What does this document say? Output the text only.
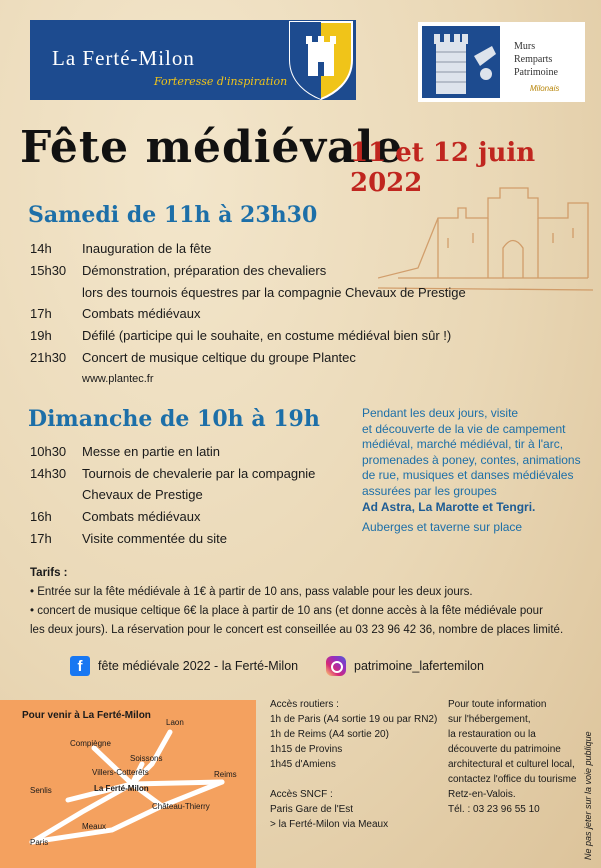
La Ferté-Milon
Forteresse d'inspiration
Murs
Remparts
Patrimoine
Milonais
Fête médiévale
11 et 12 juin 2022
Samedi de 11h à 23h30
14h Inauguration de la fête
15h30 Démonstration, préparation des chevaliers
lors des tournois équestres par la compagnie Chevaux de Prestige
17h Combats médiévaux
19h Défilé (participe qui le souhaite, en costume médiéval bien sûr !)
21h30 Concert de musique celtique du groupe Plantec
www.plantec.fr
Dimanche de 10h à 19h
10h30 Messe en partie en latin
14h30 Tournois de chevalerie par la compagnie
Chevaux de Prestige
16h Combats médiévaux
17h Visite commentée du site
Pendant les deux jours, visite
et découverte de la vie de campement
médiéval, marché médiéval, tir à l'arc,
promenades à poney, contes, animations
de rue, musiques et danses médiévales
assurées par les groupes
Ad Astra, La Marotte et Tengri.
Auberges et taverne sur place
Tarifs :
• Entrée sur la fête médiévale à 1€ à partir de 10 ans, pass valable pour les deux jours.
• concert de musique celtique 6€ la place à partir de 10 ans (et donne accès à la fête médiévale pour
les deux jours). La réservation pour le concert est conseillée au 03 23 96 42 36, nombre de places limité.
f	fête médiévale 2022 - la Ferté-Milon	patrimoine_lafertemilon
Pour venir à La Ferté-Milon
Laon
Compiègne
Soissons
Senlis
Villers-Cotterêts	Reims
La Ferté-Milon
Château-Thierry
Meaux
Paris
Accès routiers :
1h de Paris (A4 sortie 19 ou par RN2)
1h de Reims (A4 sortie 20)
1h15 de Provins
1h45 d'Amiens
Accès SNCF :
Paris Gare de l'Est
> la Ferté-Milon via Meaux
Pour toute information
sur l'hébergement,
la restauration ou la
découverte du patrimoine
architectural et culturel local,
contactez l'office du tourisme
Retz-en-Valois.
Tél. : 03 23 96 55 10	Ne pas jeter sur la voie publique
